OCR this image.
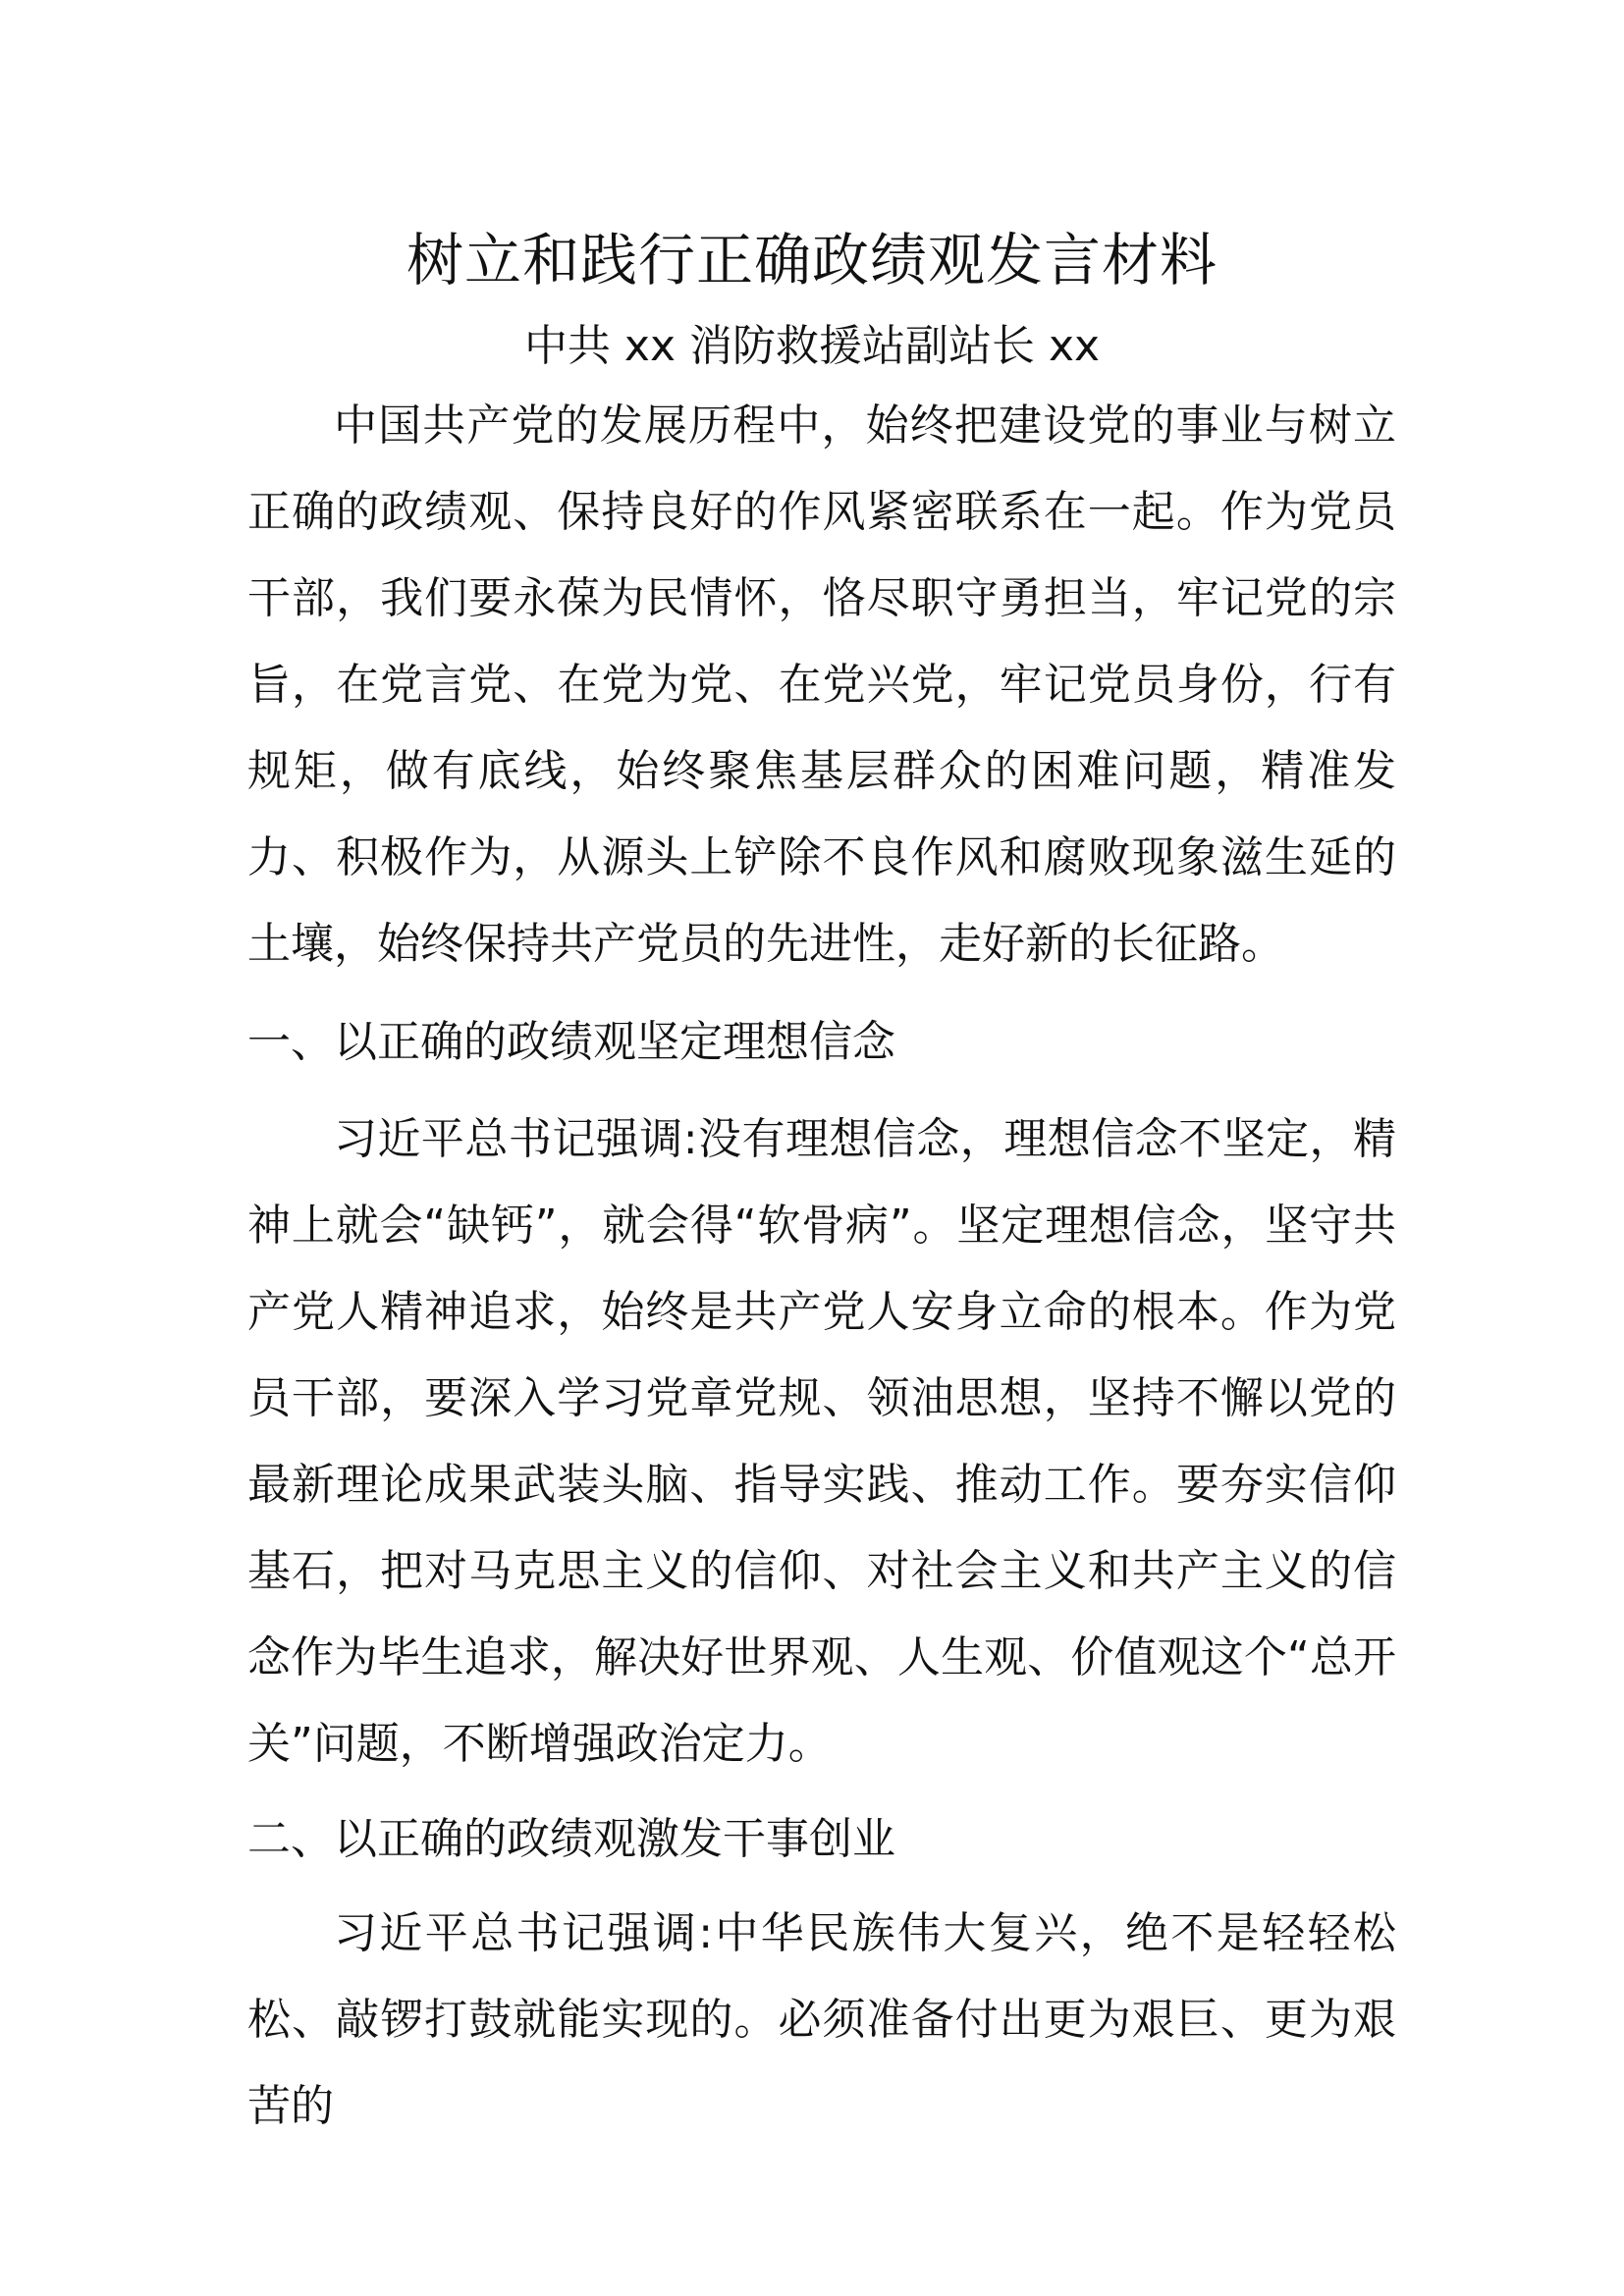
树立和践行正确政绩观发言材料

中共 xx 消防救援站副站长 xx

中国共产党的发展历程中，始终把建设党的事业与树立正确的政绩观、保持良好的作风紧密联系在一起。作为党员干部，我们要永葆为民情怀，恪尽职守勇担当，牢记党的宗旨，在党言党、在党为党、在党兴党，牢记党员身份，行有规矩，做有底线，始终聚焦基层群众的困难问题，精准发力、积极作为，从源头上铲除不良作风和腐败现象滋生延的土壤，始终保持共产党员的先进性，走好新的长征路。

一、以正确的政绩观坚定理想信念

习近平总书记强调:没有理想信念，理想信念不坚定，精神上就会“缺钙”，就会得“软骨病”。坚定理想信念，坚守共产党人精神追求，始终是共产党人安身立命的根本。作为党员干部，要深入学习党章党规、领油思想，坚持不懈以党的最新理论成果武装头脑、指导实践、推动工作。要夯实信仰基石，把对马克思主义的信仰、对社会主义和共产主义的信念作为毕生追求，解决好世界观、人生观、价值观这个“总开关”问题，不断增强政治定力。

二、以正确的政绩观激发干事创业

习近平总书记强调:中华民族伟大复兴，绝不是轻轻松松、敲锣打鼓就能实现的。必须准备付出更为艰巨、更为艰苦的
